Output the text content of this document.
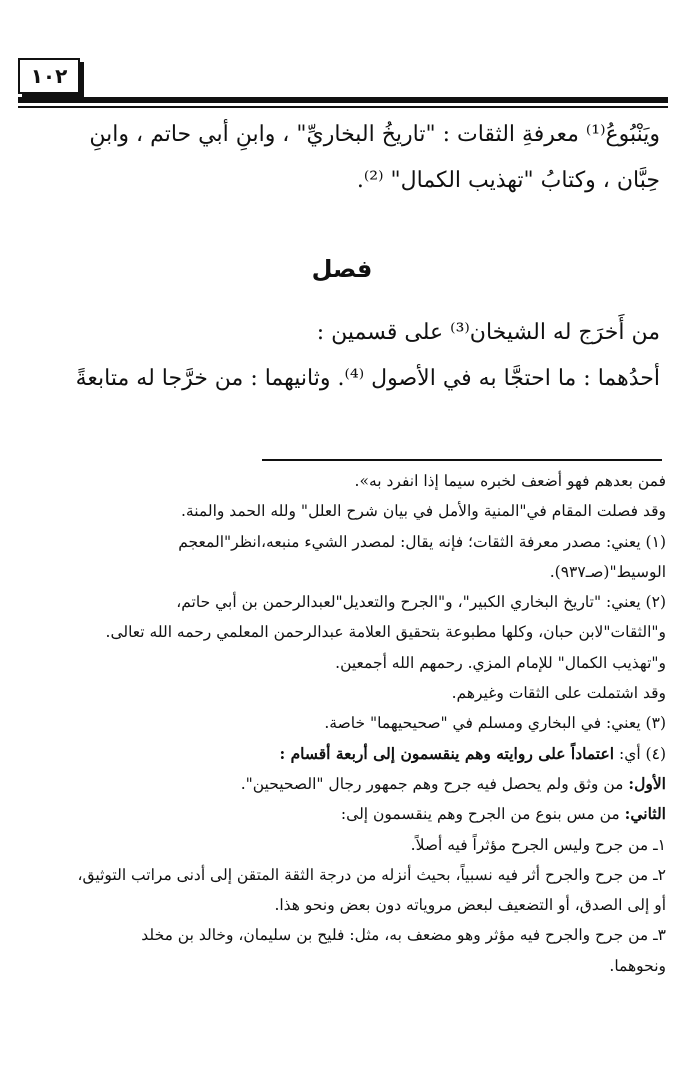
١٠٢

ويَنْبُوعُ⁽¹⁾ معرفةِ الثقات : "تاريخُ البخاريِّ" ، وابنِ أبي حاتم ، وابنِ

حِبَّان ، وكتابُ "تهذيب الكمال" ⁽²⁾.

فصل

من أَخرَج له الشيخان⁽³⁾ على قسمين :

أحدُهما : ما احتجَّا به في الأصول ⁽⁴⁾. وثانيهما : من خرَّجا له متابعةً

فمن بعدهم فهو أضعف لخبره سيما إذا انفرد به».

وقد فصلت المقام في"المنية والأمل في بيان شرح العلل" ولله الحمد والمنة.

(١) يعني: مصدر معرفة الثقات؛ فإنه يقال: لمصدر الشيء منبعه،انظر"المعجم

الوسيط"(صـ٩٣٧).

(٢) يعني: "تاريخ البخاري الكبير"، و"الجرح والتعديل"لعبدالرحمن بن أبي حاتم،

و"الثقات"لابن حبان، وكلها مطبوعة بتحقيق العلامة عبدالرحمن المعلمي رحمه الله تعالى.

و"تهذيب الكمال" للإمام المزي. رحمهم الله أجمعين.

وقد اشتملت على الثقات وغيرهم.

(٣) يعني: في البخاري ومسلم في "صحيحيهما" خاصة.

(٤) أي: اعتماداً على روايته وهم ينقسمون إلى أربعة أقسام :

الأول: من وثق ولم يحصل فيه جرح وهم جمهور رجال "الصحيحين".

الثاني: من مس بنوع من الجرح وهم ينقسمون إلى:

١ـ من جرح وليس الجرح مؤثراً فيه أصلاً.

٢ـ من جرح والجرح أثر فيه نسبياً، بحيث أنزله من درجة الثقة المتقن إلى أدنى مراتب التوثيق،

أو إلى الصدق، أو التضعيف لبعض مروياته دون بعض ونحو هذا.

٣ـ من جرح والجرح فيه مؤثر وهو مضعف به، مثل: فليح بن سليمان، وخالد بن مخلد

ونحوهما.
